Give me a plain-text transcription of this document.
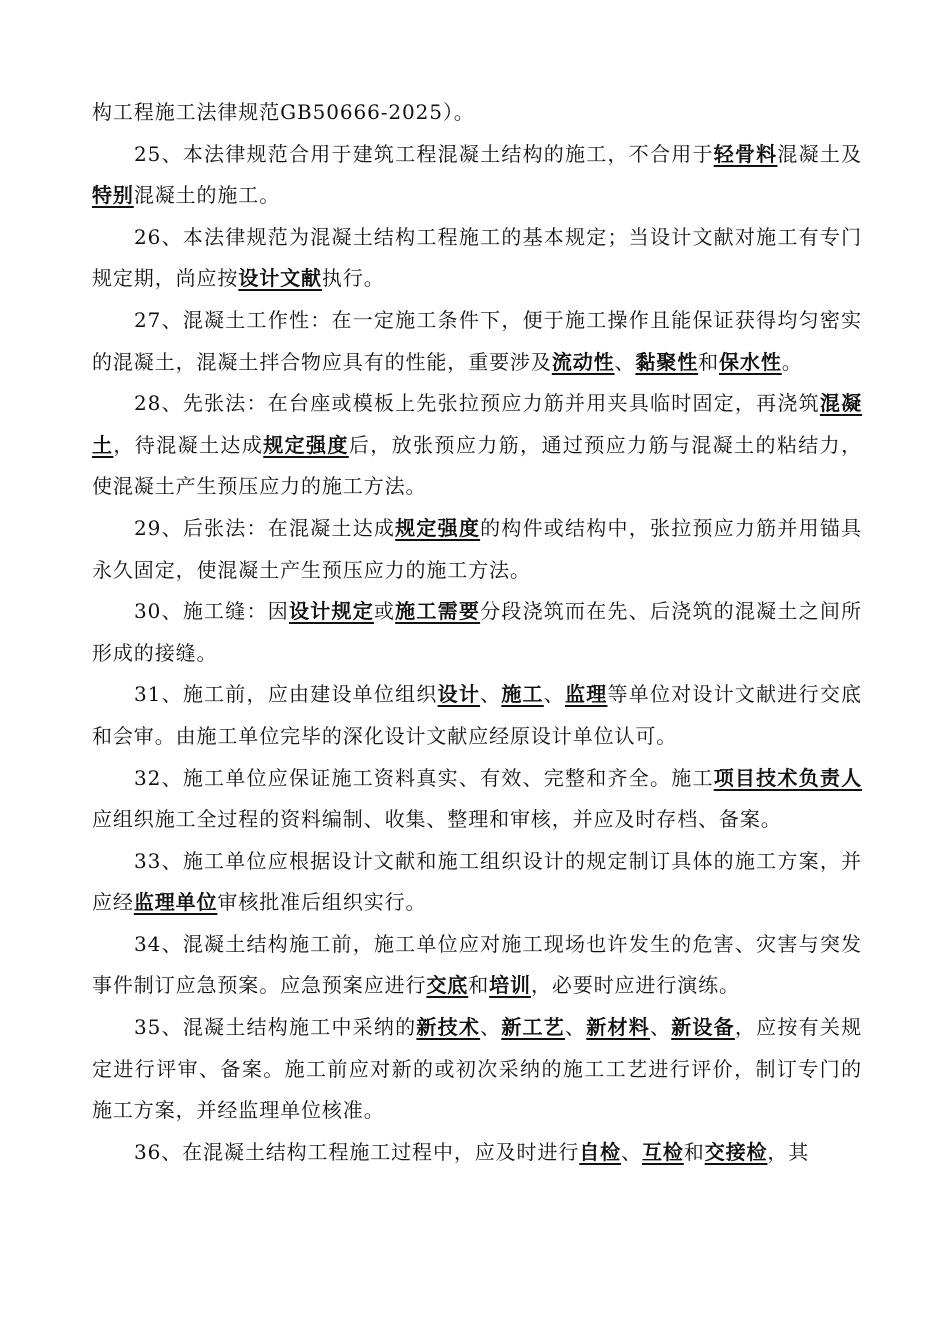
构工程施工法律规范GB50666-2025）。

25、本法律规范合用于建筑工程混凝土结构的施工，不合用于轻骨料混凝土及特别混凝土的施工。

26、本法律规范为混凝土结构工程施工的基本规定；当设计文献对施工有专门规定期，尚应按设计文献执行。

27、混凝土工作性：在一定施工条件下，便于施工操作且能保证获得均匀密实的混凝土，混凝土拌合物应具有的性能，重要涉及流动性、黏聚性和保水性。

28、先张法：在台座或模板上先张拉预应力筋并用夹具临时固定，再浇筑混凝土，待混凝土达成规定强度后，放张预应力筋，通过预应力筋与混凝土的粘结力，使混凝土产生预压应力的施工方法。

29、后张法：在混凝土达成规定强度的构件或结构中，张拉预应力筋并用锚具永久固定，使混凝土产生预压应力的施工方法。

30、施工缝：因设计规定或施工需要分段浇筑而在先、后浇筑的混凝土之间所形成的接缝。

31、施工前，应由建设单位组织设计、施工、监理等单位对设计文献进行交底和会审。由施工单位完毕的深化设计文献应经原设计单位认可。

32、施工单位应保证施工资料真实、有效、完整和齐全。施工项目技术负责人应组织施工全过程的资料编制、收集、整理和审核，并应及时存档、备案。

33、施工单位应根据设计文献和施工组织设计的规定制订具体的施工方案，并应经监理单位审核批准后组织实行。

34、混凝土结构施工前，施工单位应对施工现场也许发生的危害、灾害与突发事件制订应急预案。应急预案应进行交底和培训，必要时应进行演练。

35、混凝土结构施工中采纳的新技术、新工艺、新材料、新设备，应按有关规定进行评审、备案。施工前应对新的或初次采纳的施工工艺进行评价，制订专门的施工方案，并经监理单位核准。

36、在混凝土结构工程施工过程中，应及时进行自检、互检和交接检，其
